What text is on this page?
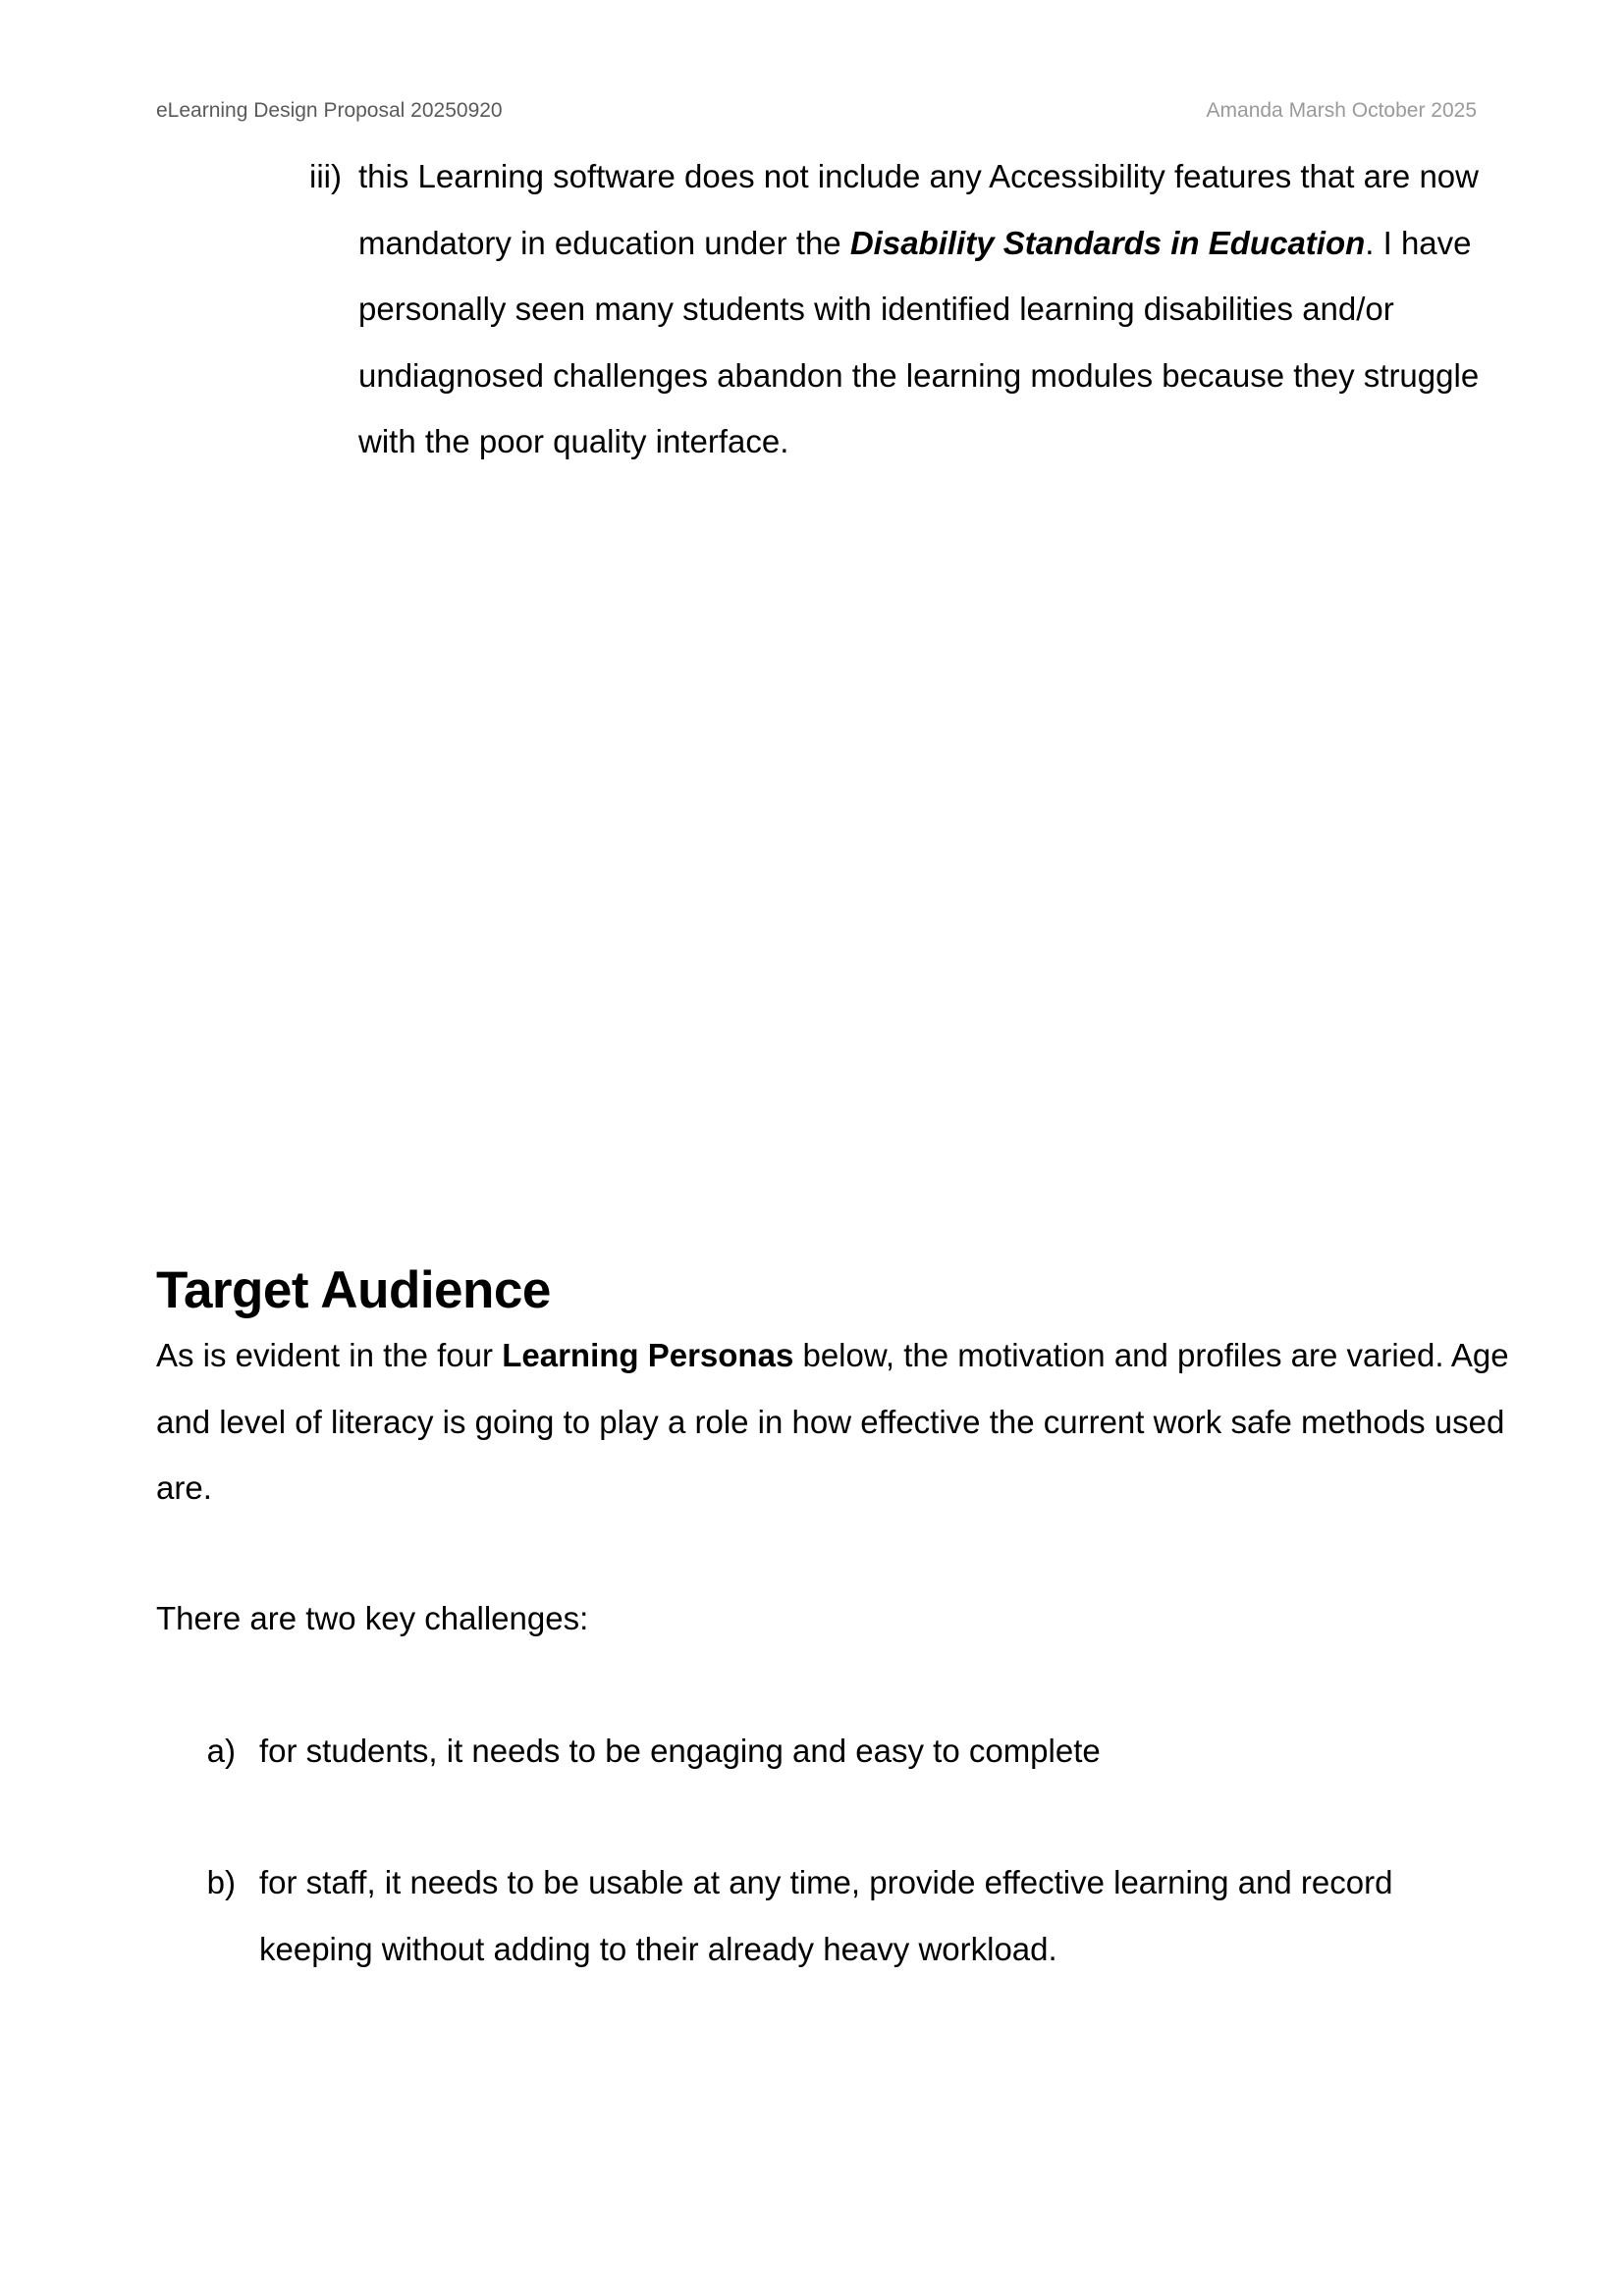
eLearning Design Proposal 20250920	Amanda Marsh October 2025
iii) this Learning software does not include any Accessibility features that are now mandatory in education under the Disability Standards in Education. I have personally seen many students with identified learning disabilities and/or undiagnosed challenges abandon the learning modules because they struggle with the poor quality interface.

Target Audience

As is evident in the four Learning Personas below, the motivation and profiles are varied. Age and level of literacy is going to play a role in how effective the current work safe methods used are.

There are two key challenges:

a) for students, it needs to be engaging and easy to complete

b) for staff, it needs to be usable at any time, provide effective learning and record keeping without adding to their already heavy workload.
